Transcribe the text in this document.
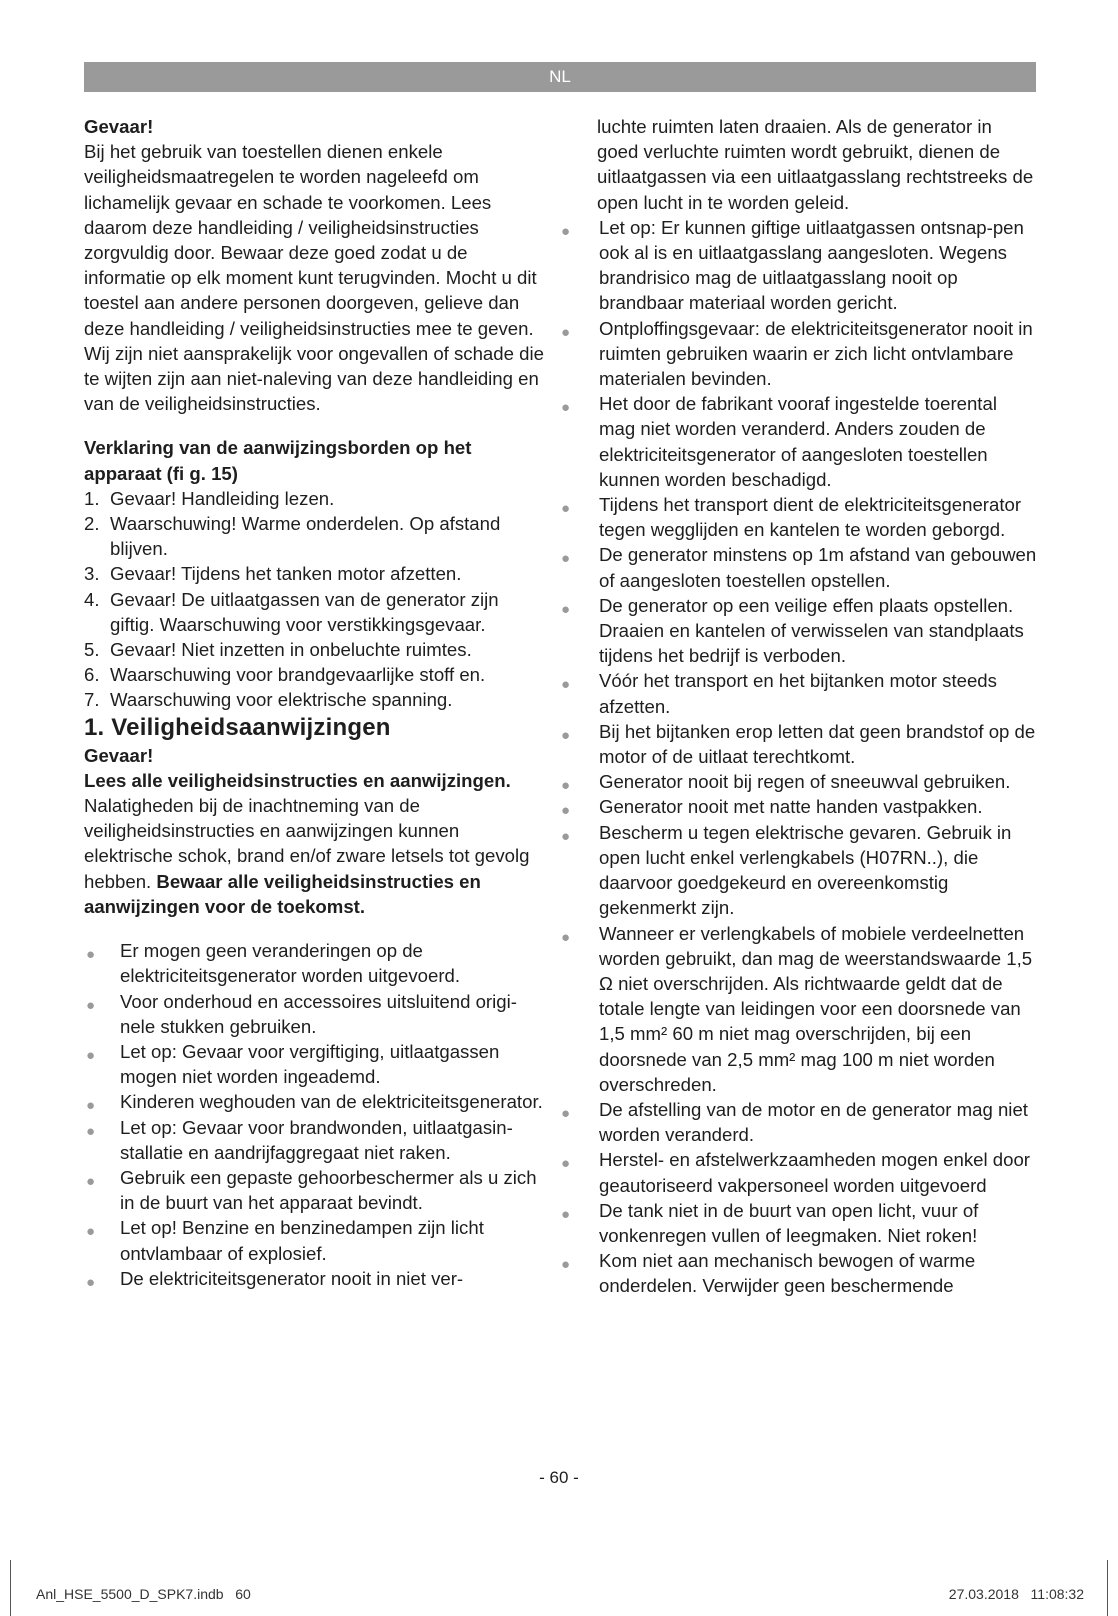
NL

Gevaar!

Bij het gebruik van toestellen dienen enkele veiligheidsmaatregelen te worden nageleefd om lichamelijk gevaar en schade te voorkomen. Lees daarom deze handleiding / veiligheidsinstructies zorgvuldig door. Bewaar deze goed zodat u de informatie op elk moment kunt terugvinden. Mocht u dit toestel aan andere personen doorgeven, gelieve dan deze handleiding / veiligheidsinstructies mee te geven. Wij zijn niet aansprakelijk voor ongevallen of schade die te wijten zijn aan niet-naleving van deze handleiding en van de veiligheidsinstructies.

Verklaring van de aanwijzingsborden op het apparaat (fi g. 15)

1. Gevaar! Handleiding lezen.
2. Waarschuwing! Warme onderdelen. Op afstand blijven.
3. Gevaar! Tijdens het tanken motor afzetten.
4. Gevaar! De uitlaatgassen van de generator zijn giftig. Waarschuwing voor verstikkingsgevaar.
5. Gevaar! Niet inzetten in onbeluchte ruimtes.
6. Waarschuwing voor brandgevaarlijke stoff en.
7. Waarschuwing voor elektrische spanning.

1. Veiligheidsaanwijzingen

Gevaar!

Lees alle veiligheidsinstructies en aanwijzingen. Nalatigheden bij de inachtneming van de veiligheidsinstructies en aanwijzingen kunnen elektrische schok, brand en/of zware letsels tot gevolg hebben. Bewaar alle veiligheidsinstructies en aanwijzingen voor de toekomst.

● Er mogen geen veranderingen op de elektriciteitsgenerator worden uitgevoerd.
● Voor onderhoud en accessoires uitsluitend origi-nele stukken gebruiken.
● Let op: Gevaar voor vergiftiging, uitlaatgassen mogen niet worden ingeademd.
● Kinderen weghouden van de elektriciteitsgenerator.
● Let op: Gevaar voor brandwonden, uitlaatgasin-stallatie en aandrijfaggregaat niet raken.
● Gebruik een gepaste gehoorbeschermer als u zich in de buurt van het apparaat bevindt.
● Let op! Benzine en benzinedampen zijn licht ontvlambaar of explosief.
● De elektriciteitsgenerator nooit in niet ver-

luchte ruimten laten draaien. Als de generator in goed verluchte ruimten wordt gebruikt, dienen de uitlaatgassen via een uitlaatgasslang rechtstreeks de open lucht in te worden geleid.

● Let op: Er kunnen giftige uitlaatgassen ontsnap-pen ook al is en uitlaatgasslang aangesloten. Wegens brandrisico mag de uitlaatgasslang nooit op brandbaar materiaal worden gericht.
● Ontploffingsgevaar: de elektriciteitsgenerator nooit in ruimten gebruiken waarin er zich licht ontvlambare materialen bevinden.
● Het door de fabrikant vooraf ingestelde toerental mag niet worden veranderd. Anders zouden de elektriciteitsgenerator of aangesloten toestellen kunnen worden beschadigd.
● Tijdens het transport dient de elektriciteitsgenerator tegen wegglijden en kantelen te worden geborgd.
● De generator minstens op 1m afstand van gebouwen of aangesloten toestellen opstellen.
● De generator op een veilige effen plaats opstellen. Draaien en kantelen of verwisselen van standplaats tijdens het bedrijf is verboden.
● Vóór het transport en het bijtanken motor steeds afzetten.
● Bij het bijtanken erop letten dat geen brandstof op de motor of de uitlaat terechtkomt.
● Generator nooit bij regen of sneeuwval gebruiken.
● Generator nooit met natte handen vastpakken.
● Bescherm u tegen elektrische gevaren. Gebruik in open lucht enkel verlengkabels (H07RN..), die daarvoor goedgekeurd en overeenkomstig gekenmerkt zijn.
● Wanneer er verlengkabels of mobiele verdeelnetten worden gebruikt, dan mag de weerstandswaarde 1,5 Ω niet overschrijden. Als richtwaarde geldt dat de totale lengte van leidingen voor een doorsnede van 1,5 mm² 60 m niet mag overschrijden, bij een doorsnede van 2,5 mm² mag 100 m niet worden overschreden.
● De afstelling van de motor en de generator mag niet worden veranderd.
● Herstel- en afstelwerkzaamheden mogen enkel door geautoriseerd vakpersoneel worden uitgevoerd
● De tank niet in de buurt van open licht, vuur of vonkenregen vullen of leegmaken. Niet roken!
● Kom niet aan mechanisch bewogen of warme onderdelen. Verwijder geen beschermende
- 60 -
Anl_HSE_5500_D_SPK7.indb   60	27.03.2018   11:08:32
